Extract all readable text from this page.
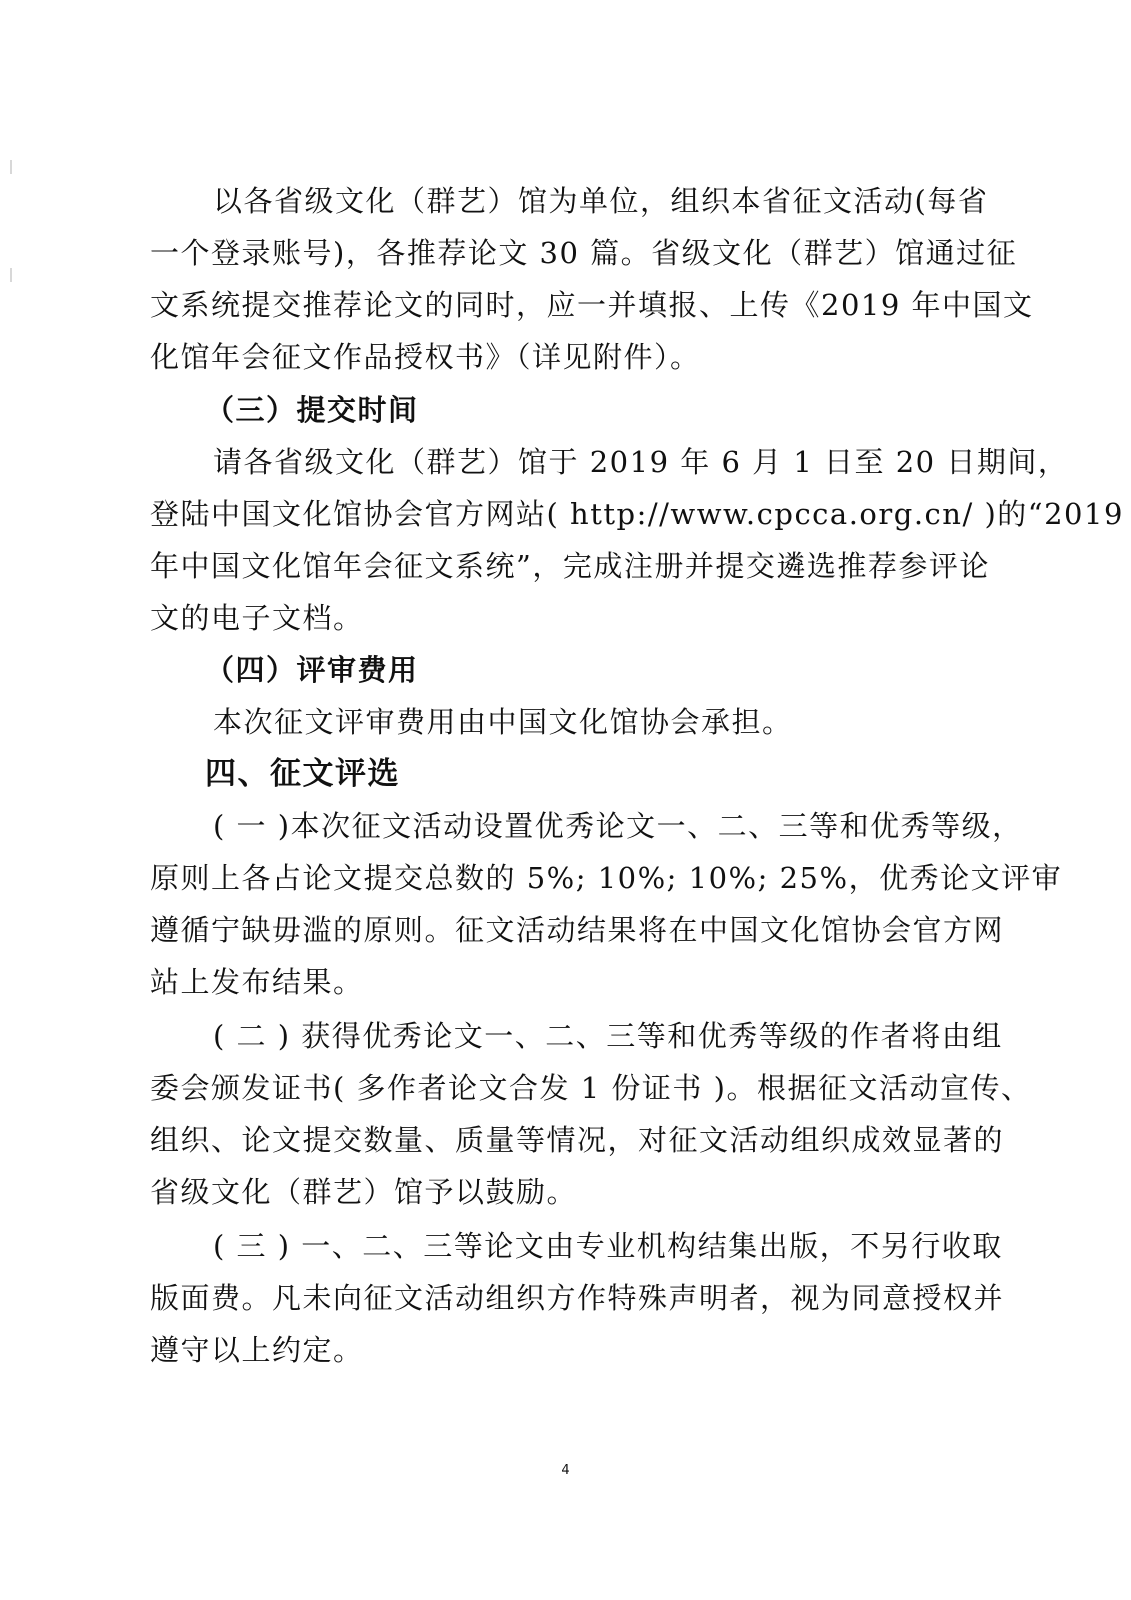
以各省级文化（群艺）馆为单位，组织本省征文活动(每省
一个登录账号)，各推荐论文 30 篇。省级文化（群艺）馆通过征
文系统提交推荐论文的同时，应一并填报、上传《2019 年中国文
化馆年会征文作品授权书》（详见附件）。
（三）提交时间
请各省级文化（群艺）馆于 2019 年 6 月 1 日至 20 日期间，
登陆中国文化馆协会官方网站( http://www.cpcca.org.cn/ )的“2019
年中国文化馆年会征文系统”，完成注册并提交遴选推荐参评论
文的电子文档。
（四）评审费用
本次征文评审费用由中国文化馆协会承担。
四、征文评选
( 一 )本次征文活动设置优秀论文一、二、三等和优秀等级，
原则上各占论文提交总数的 5%; 10%; 10%; 25%，优秀论文评审
遵循宁缺毋滥的原则。征文活动结果将在中国文化馆协会官方网
站上发布结果。
( 二 ) 获得优秀论文一、二、三等和优秀等级的作者将由组
委会颁发证书( 多作者论文合发 1 份证书 )。根据征文活动宣传、
组织、论文提交数量、质量等情况，对征文活动组织成效显著的
省级文化（群艺）馆予以鼓励。
( 三 ) 一、二、三等论文由专业机构结集出版，不另行收取
版面费。凡未向征文活动组织方作特殊声明者，视为同意授权并
遵守以上约定。
4
